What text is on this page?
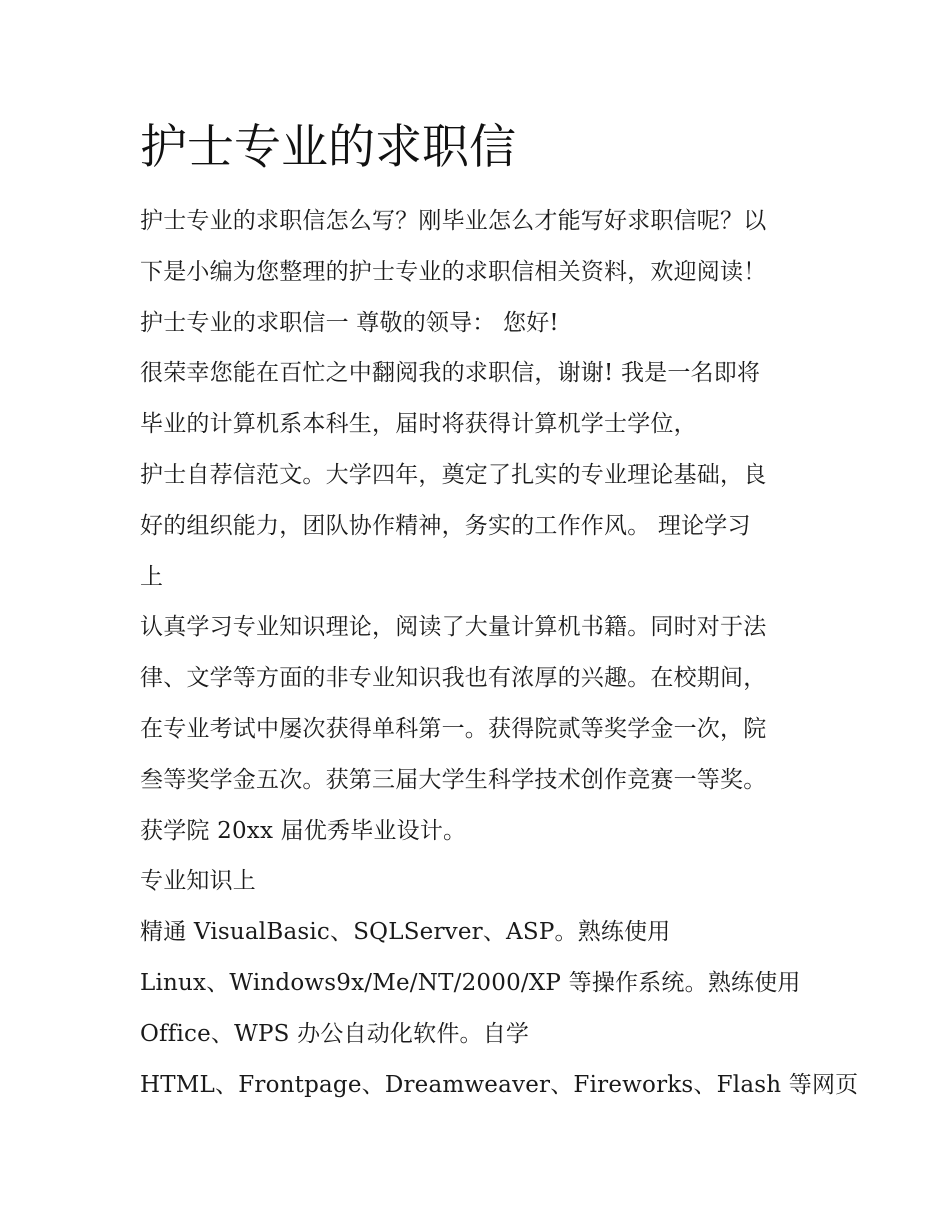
护士专业的求职信
护士专业的求职信怎么写？刚毕业怎么才能写好求职信呢？以
下是小编为您整理的护士专业的求职信相关资料，欢迎阅读！
护士专业的求职信一 尊敬的领导： 您好!
很荣幸您能在百忙之中翻阅我的求职信，谢谢! 我是一名即将
毕业的计算机系本科生，届时将获得计算机学士学位，
护士自荐信范文。大学四年，奠定了扎实的专业理论基础，良
好的组织能力，团队协作精神，务实的工作作风。 理论学习
上
认真学习专业知识理论，阅读了大量计算机书籍。同时对于法
律、文学等方面的非专业知识我也有浓厚的兴趣。在校期间，
在专业考试中屡次获得单科第一。获得院贰等奖学金一次，院
叁等奖学金五次。获第三届大学生科学技术创作竞赛一等奖。
获学院 20xx 届优秀毕业设计。
专业知识上
精通 VisualBasic、SQLServer、ASP。熟练使用
Linux、Windows9x/Me/NT/2000/XP 等操作系统。熟练使用
Office、WPS 办公自动化软件。自学
HTML、Frontpage、Dreamweaver、Fireworks、Flash 等网页
